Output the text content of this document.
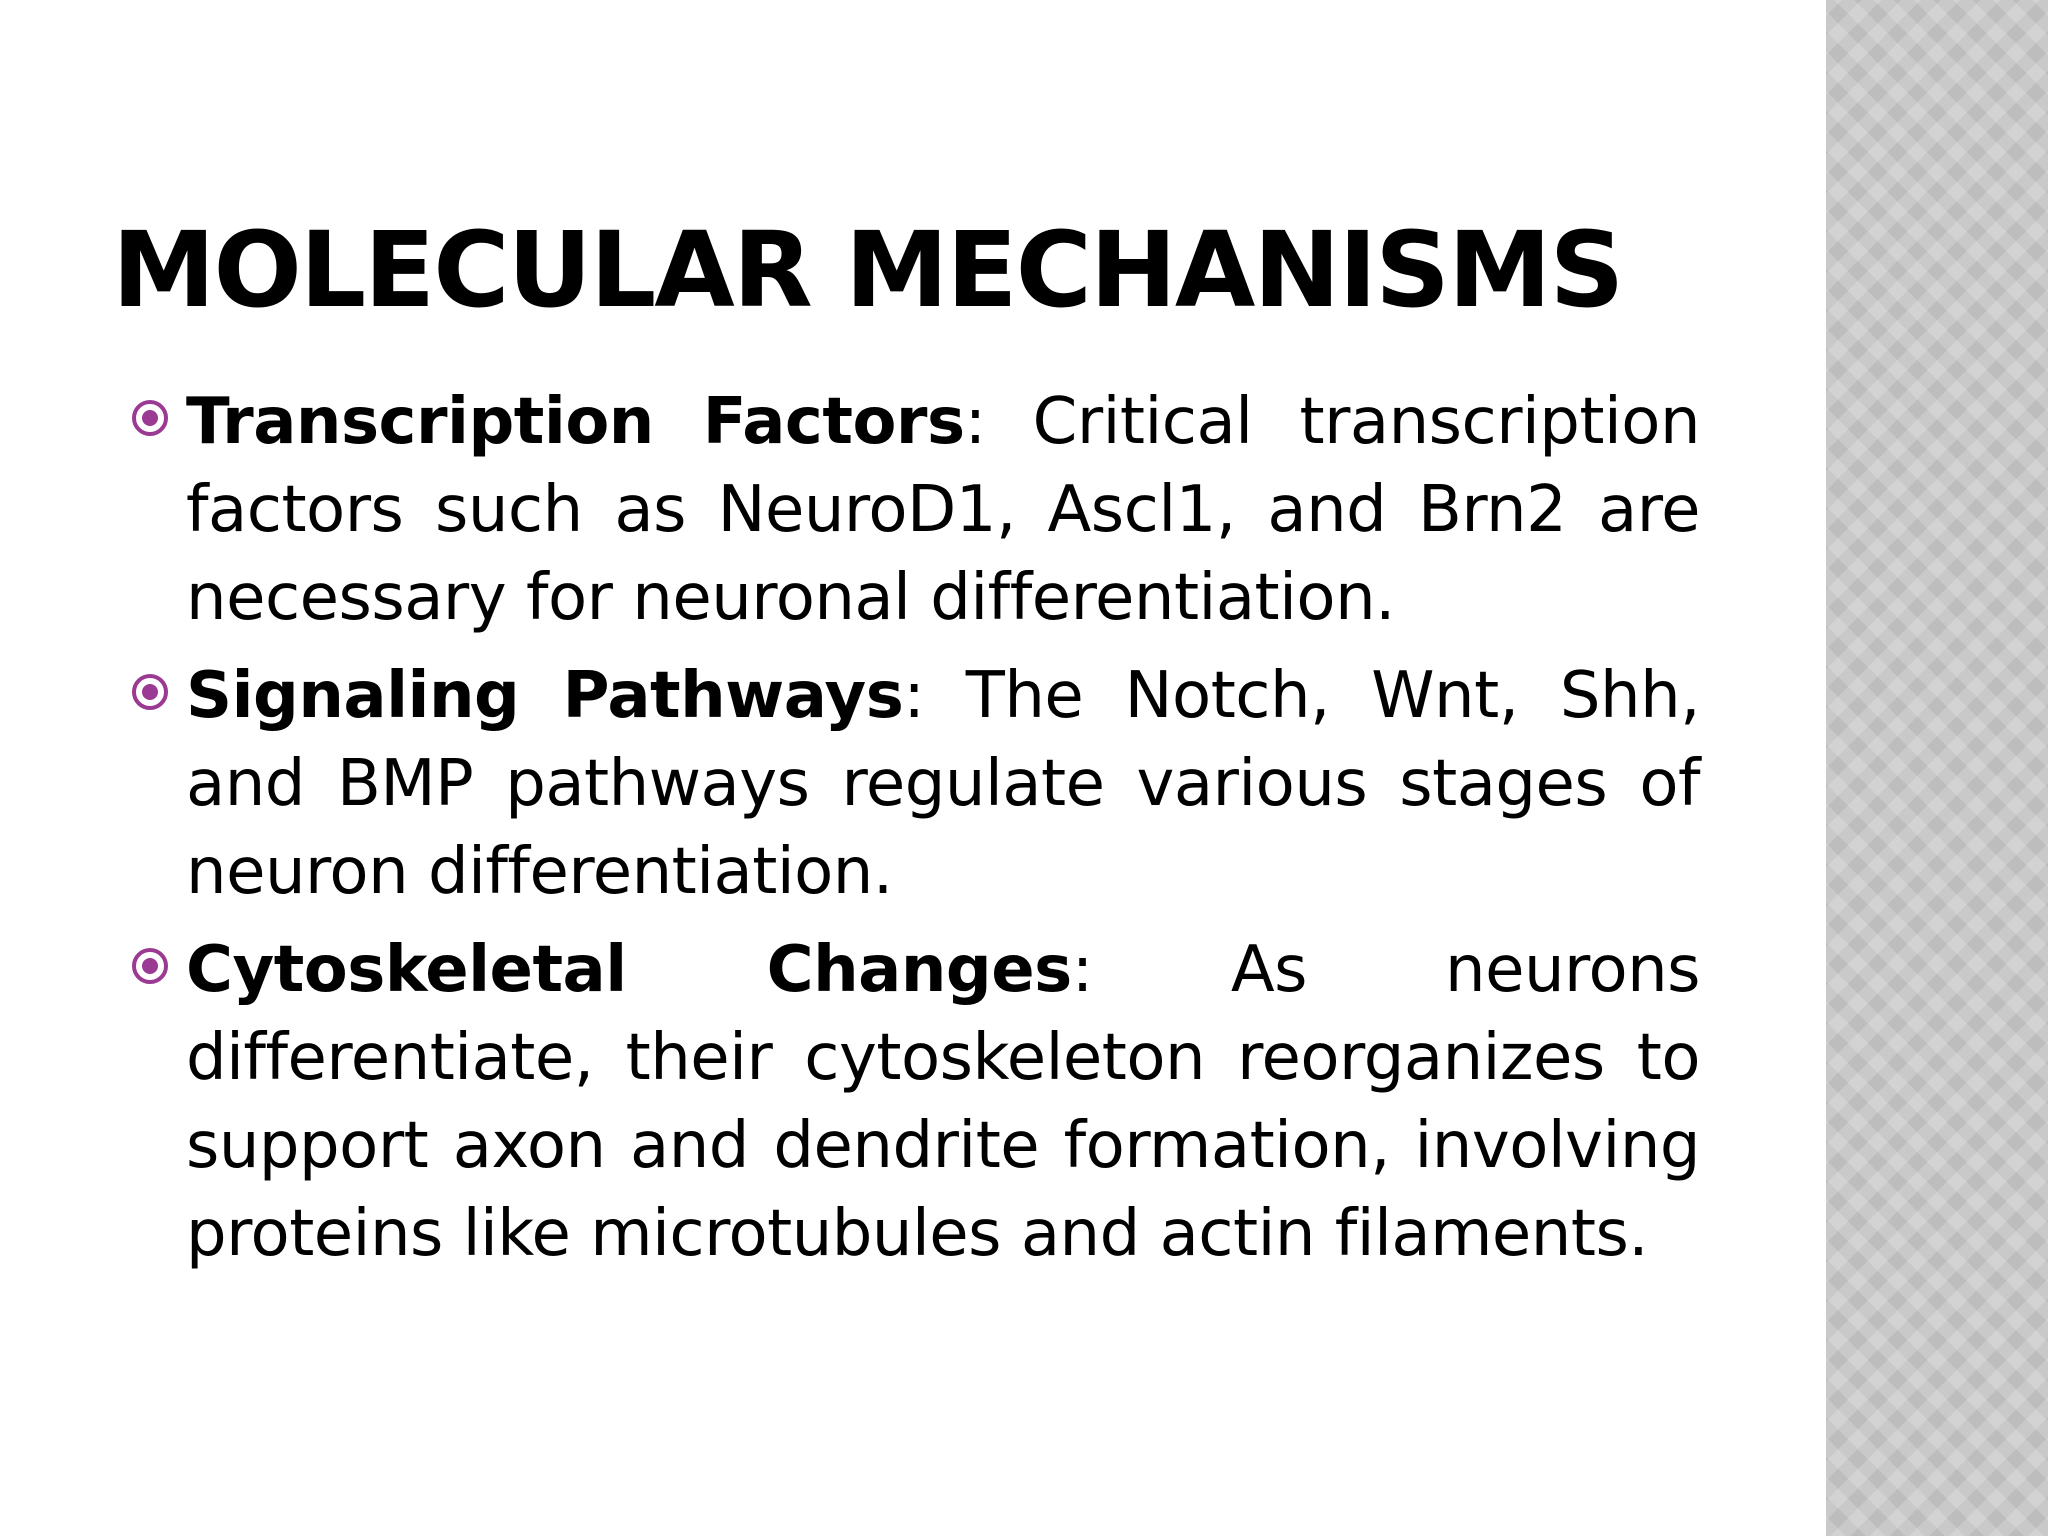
MOLECULAR MECHANISMS
Transcription Factors: Critical transcription factors such as NeuroD1, Ascl1, and Brn2 are necessary for neuronal differentiation.
Signaling Pathways: The Notch, Wnt, Shh, and BMP pathways regulate various stages of neuron differentiation.
Cytoskeletal Changes: As neurons differentiate, their cytoskeleton reorganizes to support axon and dendrite formation, involving proteins like microtubules and actin filaments.
